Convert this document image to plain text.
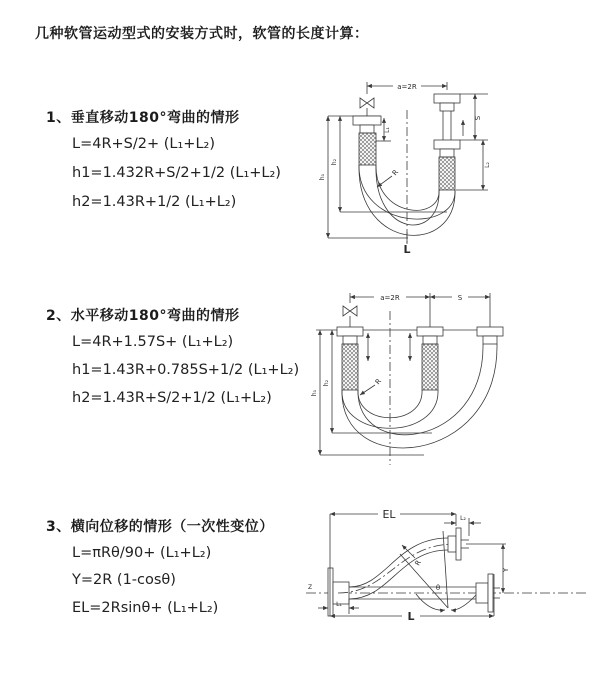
几种软管运动型式的安装方式时，软管的长度计算：
1、垂直移动180°弯曲的情形
L=4R+S/2+ (L₁+L₂)
h1=1.432R+S/2+1/2 (L₁+L₂)
h2=1.43R+1/2 (L₁+L₂)
2、水平移动180°弯曲的情形
L=4R+1.57S+ (L₁+L₂)
h1=1.43R+0.785S+1/2 (L₁+L₂)
h2=1.43R+S/2+1/2 (L₁+L₂)
3、横向位移的情形（一次性变位）
L=πRθ/90+ (L₁+L₂)
Y=2R (1-cosθ)
EL=2Rsinθ+ (L₁+L₂)
a=2R
L₁
S
L₂
h₁
h₂
R
L
a=2R	S
h₁
h₂	R
Z
EL	L₂
Y
R
θ
L₁
L
